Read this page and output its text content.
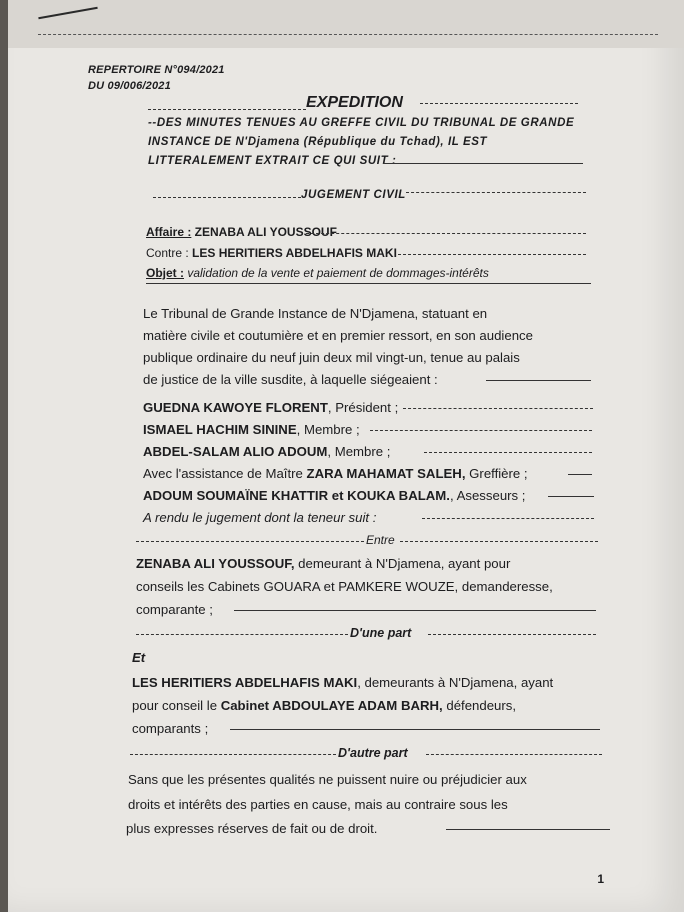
REPERTOIRE N°094/2021
DU 09/006/2021
EXPEDITION
--DES MINUTES TENUES AU GREFFE CIVIL DU TRIBUNAL DE GRANDE
INSTANCE DE N'Djamena (République du Tchad), IL EST
LITTERALEMENT EXTRAIT CE QUI SUIT :
JUGEMENT CIVIL
Affaire : ZENABA ALI YOUSSOUF
Contre : LES HERITIERS ABDELHAFIS MAKI
Objet : validation de la vente et paiement de dommages-intérêts
Le Tribunal de Grande Instance de N'Djamena, statuant en
matière civile et coutumière et en premier ressort, en son audience
publique ordinaire du neuf juin deux mil vingt-un, tenue au palais
de justice de la ville susdite, à laquelle siégeaient :
GUEDNA KAWOYE FLORENT, Président ;
ISMAEL HACHIM SININE, Membre ;
ABDEL-SALAM ALIO ADOUM, Membre ;
Avec l'assistance de Maître ZARA MAHAMAT SALEH, Greffière ;
ADOUM SOUMAÏNE KHATTIR et KOUKA BALAM., Asesseurs ;
A rendu le jugement dont la teneur suit :
Entre
ZENABA ALI YOUSSOUF, demeurant à N'Djamena, ayant pour
conseils les Cabinets GOUARA et PAMKERE WOUZE, demanderesse,
comparante ;
D'une part
Et
LES HERITIERS ABDELHAFIS MAKI, demeurants à N'Djamena, ayant
pour conseil le Cabinet ABDOULAYE ADAM BARH, défendeurs,
comparants ;
D'autre part
Sans que les présentes qualités ne puissent nuire ou préjudicier aux
droits et intérêts des parties en cause, mais au contraire sous les
plus expresses réserves de fait ou de droit.
1
